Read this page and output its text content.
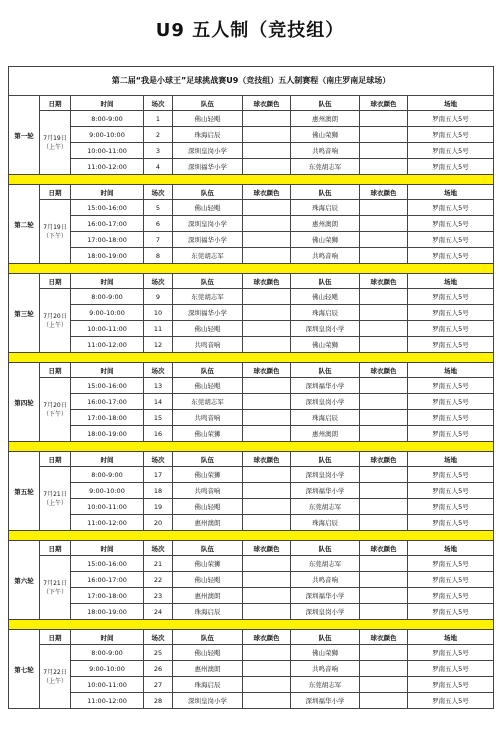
U9 五人制（竞技组）
第二届“我是小球王”足球挑战赛U9（竞技组）五人制赛程（南庄罗南足球场）
第一轮
日期	时间	场次	队伍	球衣颜色	队伍	球衣颜色	场地
7月19日
（上午）
8:00-9:00	1	佛山轻飓	惠州澳朗	罗南五人5号
9:00-10:00	2	珠海启辰	佛山荣狮	罗南五人5号
10:00-11:00	3	深圳皇岗小学	共鸣音响	罗南五人5号
11:00-12:00	4	深圳福华小学	东莞胡志军	罗南五人5号
第二轮
日期	时间	场次	队伍	球衣颜色	队伍	球衣颜色	场地
7月19日
（下午）
15:00-16:00	5	佛山轻飓	珠海启辰	罗南五人5号
16:00-17:00	6	深圳皇岗小学	惠州澳朗	罗南五人5号
17:00-18:00	7	深圳福华小学	佛山荣狮	罗南五人5号
18:00-19:00	8	东莞胡志军	共鸣音响	罗南五人5号
第三轮
日期	时间	场次	队伍	球衣颜色	队伍	球衣颜色	场地
7月20日
（上午）
8:00-9:00	9	东莞胡志军	佛山轻飓	罗南五人5号
9:00-10:00	10	深圳福华小学	珠海启辰	罗南五人5号
10:00-11:00	11	佛山轻飓	深圳皇岗小学	罗南五人5号
11:00-12:00	12	共鸣音响	佛山荣狮	罗南五人5号
第四轮
日期	时间	场次	队伍	球衣颜色	队伍	球衣颜色	场地
7月20日
（下午）
15:00-16:00	13	佛山轻飓	深圳福华小学	罗南五人5号
16:00-17:00	14	东莞胡志军	深圳皇岗小学	罗南五人5号
17:00-18:00	15	共鸣音响	珠海启辰	罗南五人5号
18:00-19:00	16	佛山荣狮	惠州澳朗	罗南五人5号
第五轮
日期	时间	场次	队伍	球衣颜色	队伍	球衣颜色	场地
7月21日
（上午）
8:00-9:00	17	佛山荣狮	深圳皇岗小学	罗南五人5号
9:00-10:00	18	共鸣音响	深圳福华小学	罗南五人5号
10:00-11:00	19	佛山轻飓	东莞胡志军	罗南五人5号
11:00-12:00	20	惠州澳朗	珠海启辰	罗南五人5号
第六轮
日期	时间	场次	队伍	球衣颜色	队伍	球衣颜色	场地
7月21日
（下午）
15:00-16:00	21	佛山荣狮	东莞胡志军	罗南五人5号
16:00-17:00	22	佛山轻飓	共鸣音响	罗南五人5号
17:00-18:00	23	惠州澳朗	深圳福华小学	罗南五人5号
18:00-19:00	24	珠海启辰	深圳皇岗小学	罗南五人5号
第七轮
日期	时间	场次	队伍	球衣颜色	队伍	球衣颜色	场地
7月22日
（上午）
8:00-9:00	25	佛山轻飓	佛山荣狮	罗南五人5号
9:00-10:00	26	惠州澳朗	共鸣音响	罗南五人5号
10:00-11:00	27	珠海启辰	东莞胡志军	罗南五人5号
11:00-12:00	28	深圳皇岗小学	深圳福华小学	罗南五人5号
